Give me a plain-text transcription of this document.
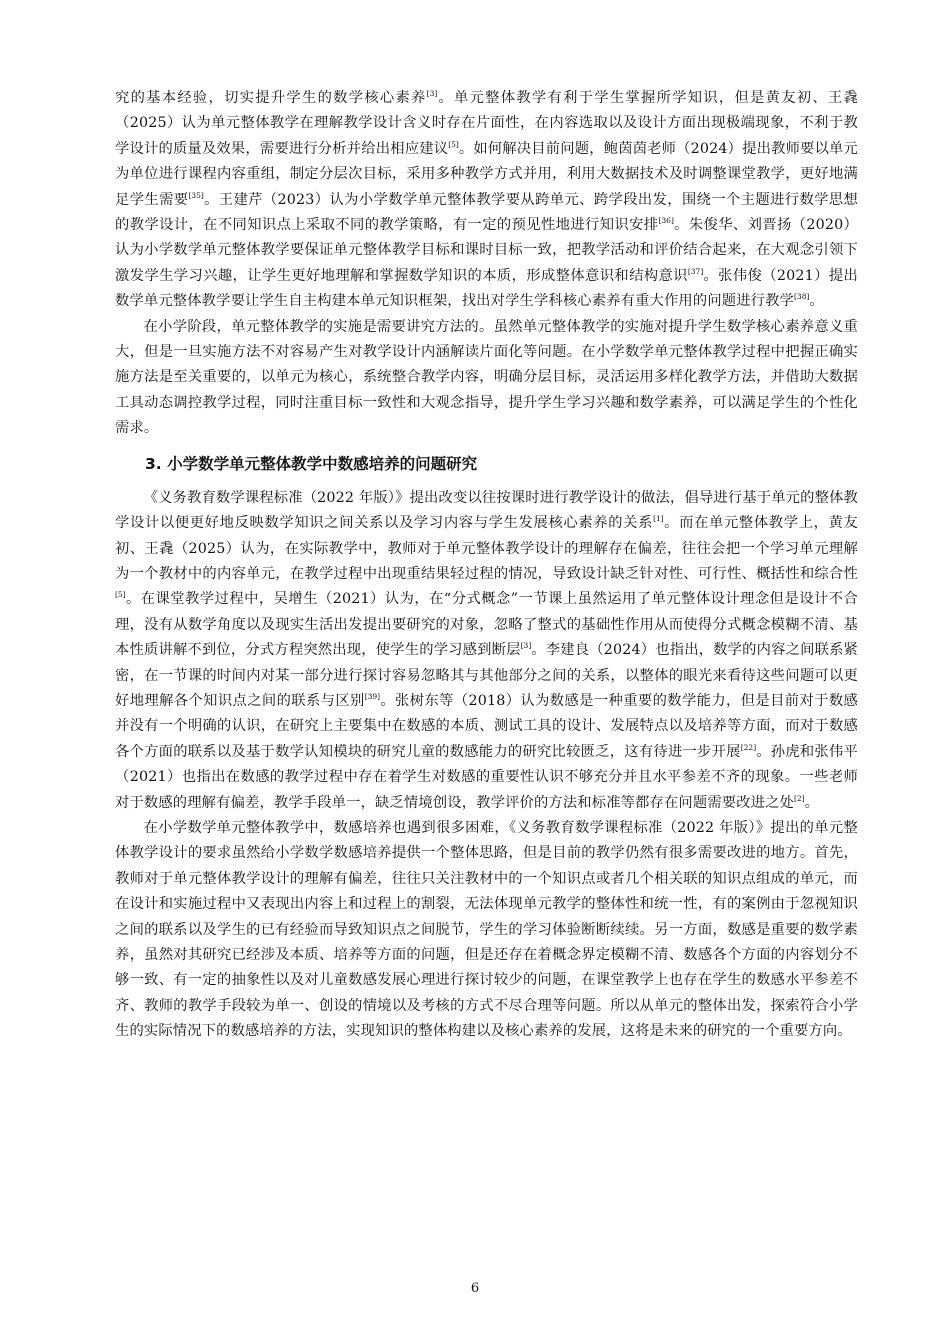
究的基本经验，切实提升学生的数学核心素养[3]。单元整体教学有利于学生掌握所学知识，但是黄友初、王毳（2025）认为单元整体教学在理解教学设计含义时存在片面性，在内容选取以及设计方面出现极端现象，不利于教学设计的质量及效果，需要进行分析并给出相应建议[5]。如何解决目前问题，鲍茵茵老师（2024）提出教师要以单元为单位进行课程内容重组，制定分层次目标，采用多种教学方式并用，利用大数据技术及时调整课堂教学，更好地满足学生需要[35]。王建芹（2023）认为小学数学单元整体教学要从跨单元、跨学段出发，围绕一个主题进行数学思想的教学设计，在不同知识点上采取不同的教学策略，有一定的预见性地进行知识安排[36]。朱俊华、刘晋扬（2020）认为小学数学单元整体教学要保证单元整体教学目标和课时目标一致，把教学活动和评价结合起来，在大观念引领下激发学生学习兴趣，让学生更好地理解和掌握数学知识的本质，形成整体意识和结构意识[37]。张伟俊（2021）提出数学单元整体教学要让学生自主构建本单元知识框架，找出对学生学科核心素养有重大作用的问题进行教学[38]。

在小学阶段，单元整体教学的实施是需要讲究方法的。虽然单元整体教学的实施对提升学生数学核心素养意义重大，但是一旦实施方法不对容易产生对教学设计内涵解读片面化等问题。在小学数学单元整体教学过程中把握正确实施方法是至关重要的，以单元为核心，系统整合教学内容，明确分层目标，灵活运用多样化教学方法，并借助大数据工具动态调控教学过程，同时注重目标一致性和大观念指导，提升学生学习兴趣和数学素养，可以满足学生的个性化需求。

3. 小学数学单元整体教学中数感培养的问题研究

《义务教育数学课程标准（2022 年版）》提出改变以往按课时进行教学设计的做法，倡导进行基于单元的整体教学设计以便更好地反映数学知识之间关系以及学习内容与学生发展核心素养的关系[1]。而在单元整体教学上，黄友初、王毳（2025）认为，在实际教学中，教师对于单元整体教学设计的理解存在偏差，往往会把一个学习单元理解为一个教材中的内容单元，在教学过程中出现重结果轻过程的情况，导致设计缺乏针对性、可行性、概括性和综合性[5]。在课堂教学过程中，吴增生（2021）认为，在“分式概念”一节课上虽然运用了单元整体设计理念但是设计不合理，没有从数学角度以及现实生活出发提出要研究的对象，忽略了整式的基础性作用从而使得分式概念模糊不清、基本性质讲解不到位，分式方程突然出现，使学生的学习感到断层[3]。李建良（2024）也指出，数学的内容之间联系紧密，在一节课的时间内对某一部分进行探讨容易忽略其与其他部分之间的关系，以整体的眼光来看待这些问题可以更好地理解各个知识点之间的联系与区别[39]。张树东等（2018）认为数感是一种重要的数学能力，但是目前对于数感并没有一个明确的认识，在研究上主要集中在数感的本质、测试工具的设计、发展特点以及培养等方面，而对于数感各个方面的联系以及基于数学认知模块的研究儿童的数感能力的研究比较匮乏，这有待进一步开展[22]。孙虎和张伟平（2021）也指出在数感的教学过程中存在着学生对数感的重要性认识不够充分并且水平参差不齐的现象。一些老师对于数感的理解有偏差，教学手段单一，缺乏情境创设，教学评价的方法和标准等都存在问题需要改进之处[2]。

在小学数学单元整体教学中，数感培养也遇到很多困难，《义务教育数学课程标准（2022 年版）》提出的单元整体教学设计的要求虽然给小学数学数感培养提供一个整体思路，但是目前的教学仍然有很多需要改进的地方。首先，教师对于单元整体教学设计的理解有偏差，往往只关注教材中的一个知识点或者几个相关联的知识点组成的单元，而在设计和实施过程中又表现出内容上和过程上的割裂，无法体现单元教学的整体性和统一性，有的案例由于忽视知识之间的联系以及学生的已有经验而导致知识点之间脱节，学生的学习体验断断续续。另一方面，数感是重要的数学素养，虽然对其研究已经涉及本质、培养等方面的问题，但是还存在着概念界定模糊不清、数感各个方面的内容划分不够一致、有一定的抽象性以及对儿童数感发展心理进行探讨较少的问题，在课堂教学上也存在学生的数感水平参差不齐、教师的教学手段较为单一、创设的情境以及考核的方式不尽合理等问题。所以从单元的整体出发，探索符合小学生的实际情况下的数感培养的方法，实现知识的整体构建以及核心素养的发展，这将是未来的研究的一个重要方向。

6
